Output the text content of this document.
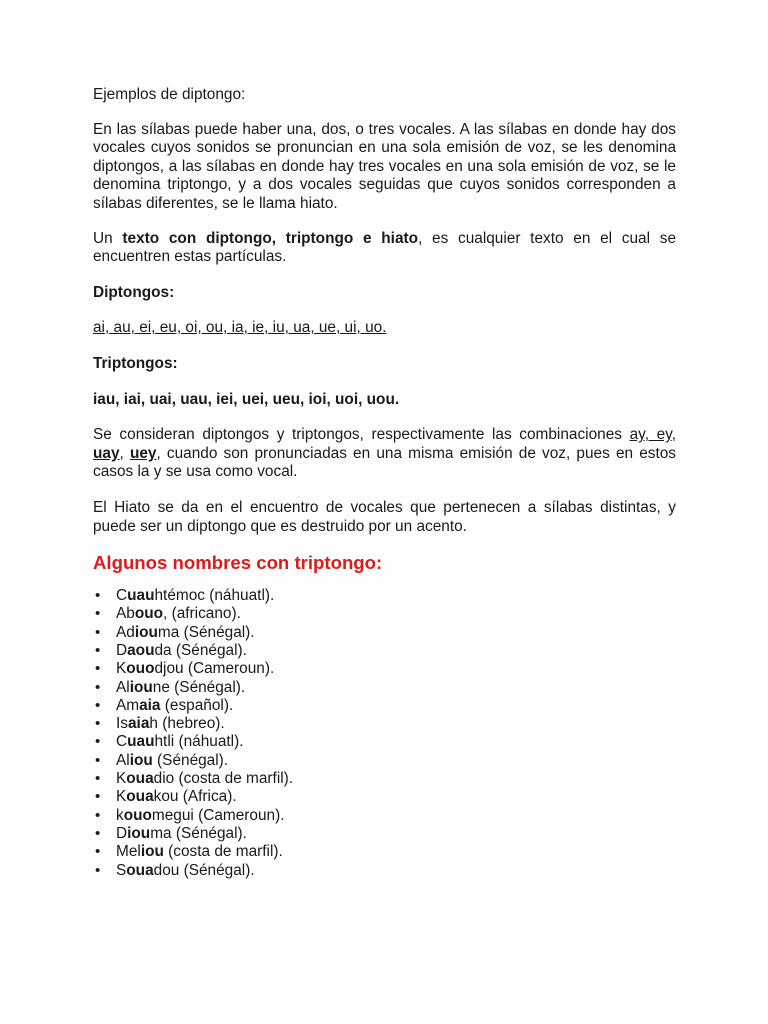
Ejemplos de diptongo:

En las sílabas puede haber una, dos, o tres vocales. A las sílabas en donde hay dos vocales cuyos sonidos se pronuncian en una sola emisión de voz, se les denomina diptongos, a las sílabas en donde hay tres vocales en una sola emisión de voz, se le denomina triptongo, y a dos vocales seguidas que cuyos sonidos corresponden a sílabas diferentes, se le llama hiato.

Un texto con diptongo, triptongo e hiato, es cualquier texto en el cual se encuentren estas partículas.

Diptongos:

ai, au, ei, eu, oi, ou, ia, ie, iu, ua, ue, ui, uo.

Triptongos:

iau, iai, uai, uau, iei, uei, ueu, ioi, uoi, uou.

Se consideran diptongos y triptongos, respectivamente las combinaciones ay, ey, uay, uey, cuando son pronunciadas en una misma emisión de voz, pues en estos casos la y se usa como vocal.

El Hiato se da en el encuentro de vocales que pertenecen a sílabas distintas, y puede ser un diptongo que es destruido por un acento.

Algunos nombres con triptongo:

• Cuauhtémoc (náhuatl).
• Abouo, (africano).
• Adiouma (Sénégal).
• Daouda (Sénégal).
• Kouodjou (Cameroun).
• Alioune (Sénégal).
• Amaia (español).
• Isaiah (hebreo).
• Cuauhtli (náhuatl).
• Aliou (Sénégal).
• Kouadio (costa de marfil).
• Kouakou (Africa).
• kouomegui (Cameroun).
• Diouma (Sénégal).
• Meliou (costa de marfil).
• Souadou (Sénégal).
